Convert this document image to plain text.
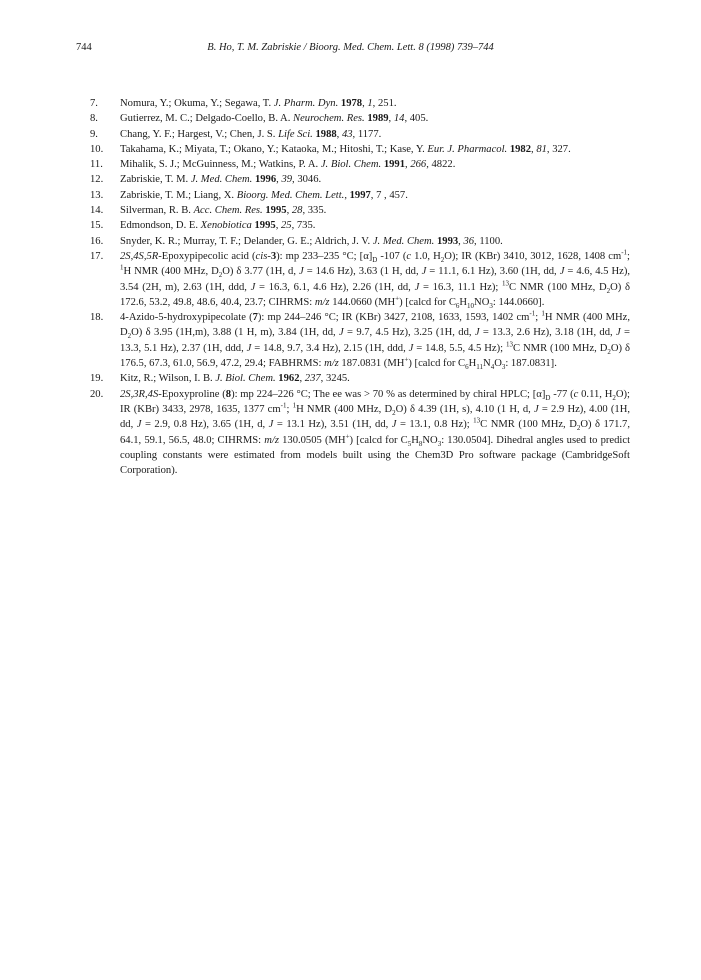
744	B. Ho, T. M. Zabriskie / Bioorg. Med. Chem. Lett. 8 (1998) 739–744
7.	Nomura, Y.; Okuma, Y.; Segawa, T. J. Pharm. Dyn. 1978, 1, 251.
8.	Gutierrez, M. C.; Delgado-Coello, B. A. Neurochem. Res. 1989, 14, 405.
9.	Chang, Y. F.; Hargest, V.; Chen, J. S. Life Sci. 1988, 43, 1177.
10.	Takahama, K.; Miyata, T.; Okano, Y.; Kataoka, M.; Hitoshi, T.; Kase, Y. Eur. J. Pharmacol. 1982, 81, 327.
11.	Mihalik, S. J.; McGuinness, M.; Watkins, P. A. J. Biol. Chem. 1991, 266, 4822.
12.	Zabriskie, T. M. J. Med. Chem. 1996, 39, 3046.
13.	Zabriskie, T. M.; Liang, X. Bioorg. Med. Chem. Lett., 1997, 7 , 457.
14.	Silverman, R. B. Acc. Chem. Res. 1995, 28, 335.
15.	Edmondson, D. E. Xenobiotica 1995, 25, 735.
16.	Snyder, K. R.; Murray, T. F.; Delander, G. E.; Aldrich, J. V. J. Med. Chem. 1993, 36, 1100.
17.	2S,4S,5R-Epoxypipecolic acid (cis-3): mp 233–235 °C; $[\alpha]_D$ -107 (c 1.0, $H_2O$); IR (KBr) 3410, 3012, 1628, 1408 $cm^{-1}$; $^1$H NMR (400 MHz, $D_2O$) δ 3.77 (1H, d, J = 14.6 Hz), 3.63 (1 H, dd, J = 11.1, 6.1 Hz), 3.60 (1H, dd, J = 4.6, 4.5 Hz), 3.54 (2H, m), 2.63 (1H, ddd, J = 16.3, 6.1, 4.6 Hz), 2.26 (1H, dd, J = 16.3, 11.1 Hz); $^{13}$C NMR (100 MHz, $D_2O$) δ 172.6, 53.2, 49.8, 48.6, 40.4, 23.7; CIHRMS: m/z 144.0660 (MH+) [calcd for $C_6H_{10}NO_3$: 144.0660].
18.	4-Azido-5-hydroxypipecolate (7): mp 244–246 °C; IR (KBr) 3427, 2108, 1633, 1593, 1402 $cm^{-1}$; $^1$H NMR (400 MHz, $D_2O$) δ 3.95 (1H,m), 3.88 (1 H, m), 3.84 (1H, dd, J = 9.7, 4.5 Hz), 3.25 (1H, dd, J = 13.3, 2.6 Hz), 3.18 (1H, dd, J = 13.3, 5.1 Hz), 2.37 (1H, ddd, J = 14.8, 9.7, 3.4 Hz), 2.15 (1H, ddd, J = 14.8, 5.5, 4.5 Hz); $^{13}$C NMR (100 MHz, $D_2O$) δ 176.5, 67.3, 61.0, 56.9, 47.2, 29.4; FABHRMS: m/z 187.0831 (MH+) [calcd for $C_6H_{11}N_4O_3$: 187.0831].
19.	Kitz, R.; Wilson, I. B. J. Biol. Chem. 1962, 237, 3245.
20.	2S,3R,4S-Epoxyproline (8): mp 224–226 °C; The ee was > 70 % as determined by chiral HPLC; $[\alpha]_D$ -77 (c 0.11, $H_2O$); IR (KBr) 3433, 2978, 1635, 1377 $cm^{-1}$; $^1$H NMR (400 MHz, $D_2O$) δ 4.39 (1H, s), 4.10 (1 H, d, J = 2.9 Hz), 4.00 (1H, dd, J = 2.9, 0.8 Hz), 3.65 (1H, d, J = 13.1 Hz), 3.51 (1H, dd, J = 13.1, 0.8 Hz); $^{13}$C NMR (100 MHz, $D_2O$) δ 171.7, 64.1, 59.1, 56.5, 48.0; CIHRMS: m/z 130.0505 (MH+) [calcd for $C_5H_8NO_3$: 130.0504]. Dihedral angles used to predict coupling constants were estimated from models built using the Chem3D Pro software package (CambridgeSoft Corporation).
